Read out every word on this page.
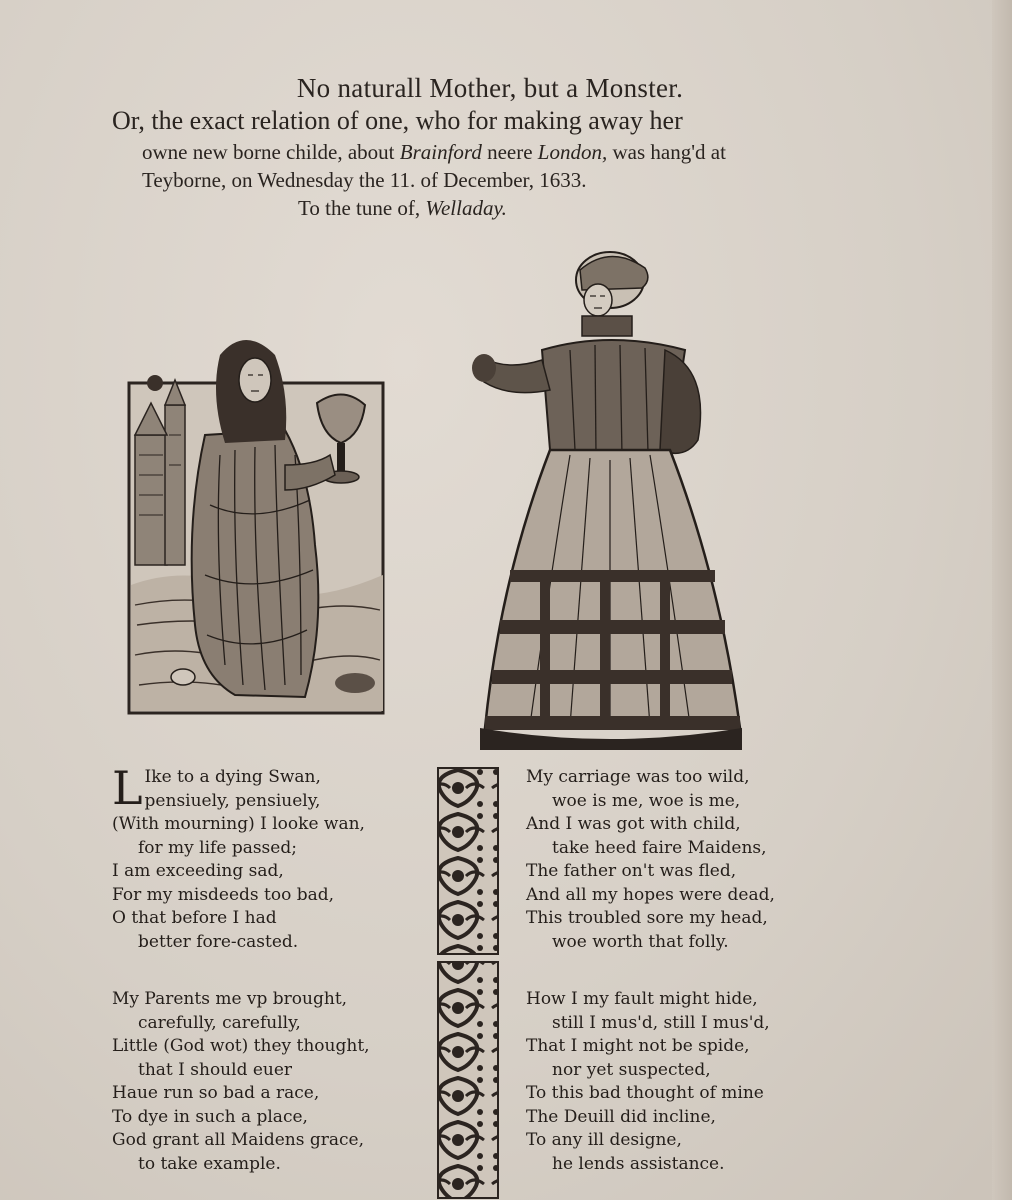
No naturall Mother, but a Monster.
Or, the exact relation of one, who for making away her
owne new borne childe, about Brainford neere London, was hang'd at
Teyborne, on Wednesday the 11. of December, 1633.
To the tune of, Welladay.
L Ike to a dying Swan,
pensiuely, pensiuely,
(With mourning) I looke wan,
for my life passed;
I am exceeding sad,
For my misdeeds too bad,
O that before I had
better fore-casted.
My Parents me vp brought,
carefully, carefully,
Little (God wot) they thought,
that I should euer
Haue run so bad a race,
To dye in such a place,
God grant all Maidens grace,
to take example.
My carriage was too wild,
woe is me, woe is me,
And I was got with child,
take heed faire Maidens,
The father on't was fled,
And all my hopes were dead,
This troubled sore my head,
woe worth that folly.
How I my fault might hide,
still I mus'd, still I mus'd,
That I might not be spide,
nor yet suspected,
To this bad thought of mine
The Deuill did incline,
To any ill designe,
he lends assistance.
